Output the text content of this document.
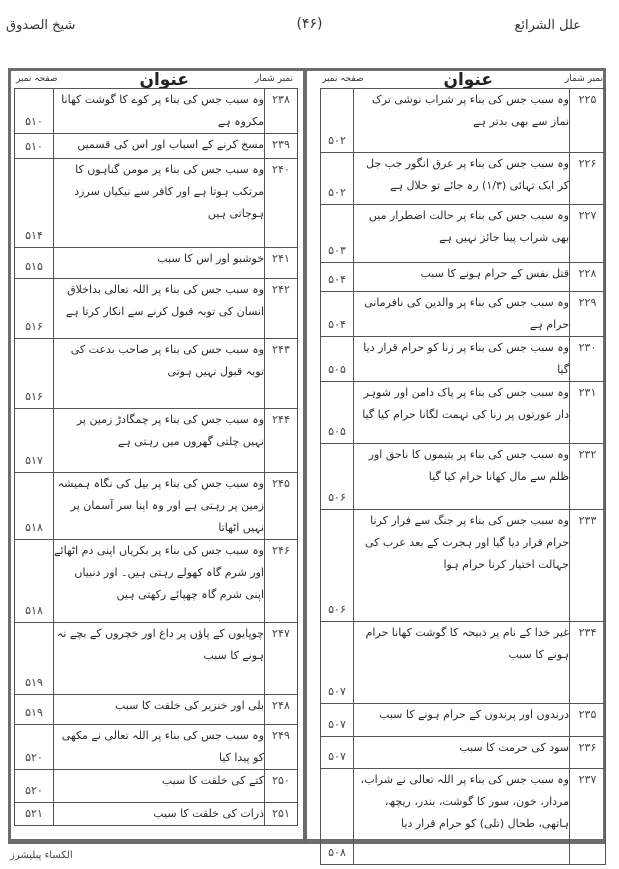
علل الشرائع
(۴۶)
شیخ الصدوق
نمبر شمار
عنوان
صفحہ نمبر
نمبر شمار
عنوان
صفحہ نمبر
۲۲۵	وہ سبب جس کی بناء پر شراب نوشی ترک نماز سے بھی بدتر ہے	۵۰۲
۲۲۶	وہ سبب جس کی بناء پر عرق انگور جب جل کر ایک تہائی (۱/۳) رہ جائے تو حلال ہے	۵۰۲
۲۲۷	وہ سبب جس کی بناء پر حالت اضطرار میں بھی شراب پینا جائز نہیں ہے	۵۰۳
۲۲۸	قتل نفس کے حرام ہونے کا سبب	۵۰۴
۲۲۹	وہ سبب جس کی بناء پر والدین کی نافرمانی حرام ہے	۵۰۴
۲۳۰	وہ سبب جس کی بناء پر زنا کو حرام قرار دیا گیا	۵۰۵
۲۳۱	وہ سبب جس کی بناء پر پاک دامن اور شوہر دار عورتوں پر زنا کی تہمت لگانا حرام کیا گیا	۵۰۵
۲۳۲	وہ سبب جس کی بناء پر یتیموں کا ناحق اور ظلم سے مال کھانا حرام کیا گیا	۵۰۶
۲۳۳	وہ سبب جس کی بناء پر جنگ سے فرار کرنا حرام قرار دیا گیا اور ہجرت کے بعد عرب کی جہالت اختیار کرنا حرام ہوا	۵۰۶
۲۳۴	غیر خدا کے نام پر ذبیحہ کا گوشت کھانا حرام ہونے کا سبب	۵۰۷
۲۳۵	درندوں اور پرندوں کے حرام ہونے کا سبب	۵۰۷
۲۳۶	سود کی حرمت کا سبب	۵۰۷
۲۳۷	وہ سبب جس کی بناء پر اللہ تعالی نے شراب، مردار، خون، سور کا گوشت، بندر، ریچھ، ہاتھی، طحال (تلی) کو حرام قرار دیا	۵۰۸
۲۳۸	وہ سبب جس کی بناء پر کوے کا گوشت کھانا مکروہ ہے	۵۱۰
۲۳۹	مسخ کرنے کے اسباب اور اس کی قسمیں	۵۱۰
۲۴۰	وہ سبب جس کی بناء پر مومن گناہوں کا مرتکب ہوتا ہے اور کافر سے نیکیاں سرزد ہوجاتی ہیں	۵۱۴
۲۴۱	خوشبو اور اس کا سبب	۵۱۵
۲۴۲	وہ سبب جس کی بناء پر اللہ تعالی بداخلاق انسان کی توبہ قبول کرنے سے انکار کرتا ہے	۵۱۶
۲۴۳	وہ سبب جس کی بناء پر صاحب بدعت کی توبہ قبول نہیں ہوتی	۵۱۶
۲۴۴	وہ سبب جس کی بناء پر چمگادڑ زمین پر نہیں چلتی گھروں میں رہتی ہے	۵۱۷
۲۴۵	وہ سبب جس کی بناء پر بیل کی نگاہ ہمیشہ زمین پر رہتی ہے اور وہ اپنا سر آسمان پر نہیں اٹھاتا	۵۱۸
۲۴۶	وہ سبب جس کی بناء پر بکریاں اپنی دم اٹھائے اور شرم گاہ کھولے رہتی ہیں۔ اور دنبیاں اپنی شرم گاہ چھپائے رکھتی ہیں	۵۱۸
۲۴۷	چوپایوں کے پاؤں پر داغ اور خچروں کے بچے نہ ہونے کا سبب	۵۱۹
۲۴۸	بلی اور خنزیر کی خلقت کا سبب	۵۱۹
۲۴۹	وہ سبب جس کی بناء پر اللہ تعالی نے مکھی کو پیدا کیا	۵۲۰
۲۵۰	کتے کی خلقت کا سبب	۵۲۰
۲۵۱	ذرات کی خلقت کا سبب	۵۲۱
الکساء پبلیشرز
